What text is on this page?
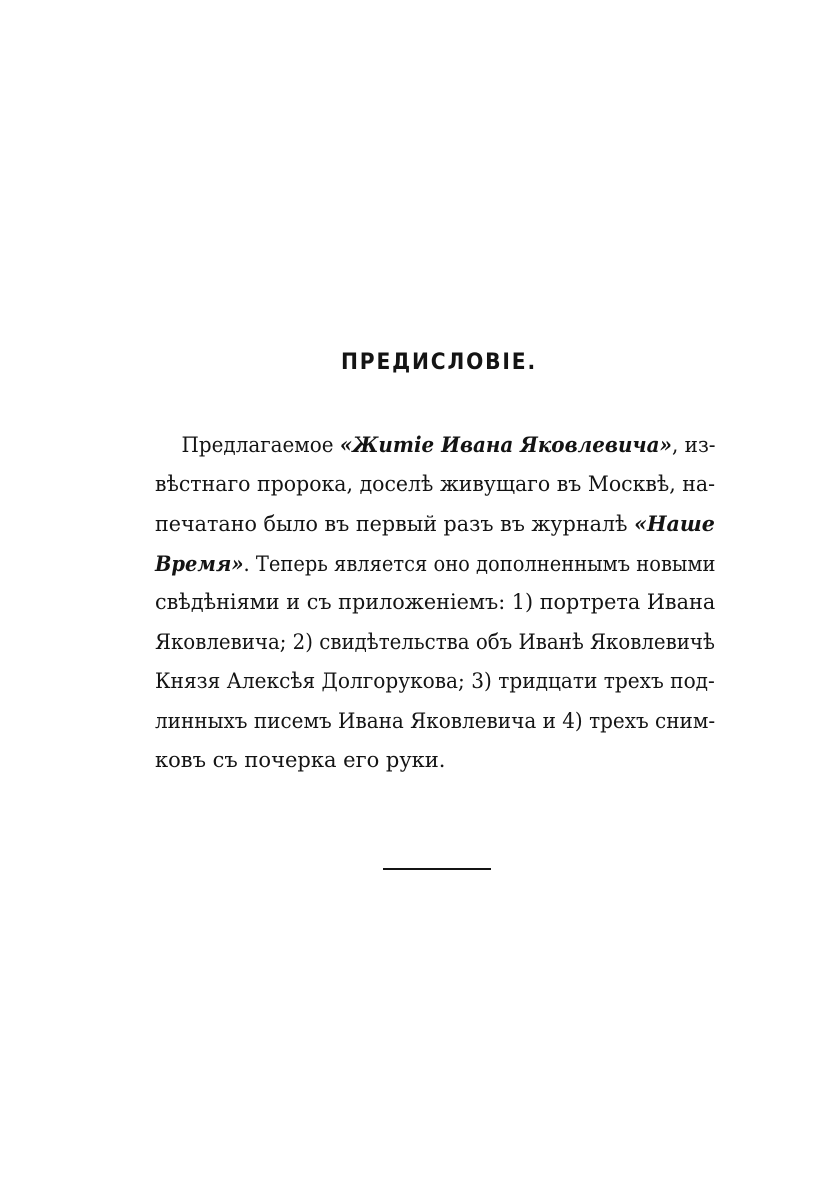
ПРЕДИСЛОВІЕ.
Предлагаемое «Житіе Ивана Яковлевича», из-
вѣстнаго пророка, доселѣ живущаго въ Москвѣ, на-
печатано было въ первый разъ въ журналѣ «Наше
Время». Теперь является оно дополненнымъ новыми
свѣдѣніями и съ приложеніемъ: 1) портрета Ивана
Яковлевича; 2) свидѣтельства объ Иванѣ Яковлевичѣ
Князя Алексѣя Долгорукова; 3) тридцати трехъ под-
линныхъ писемъ Ивана Яковлевича и 4) трехъ сним-
ковъ съ почерка его руки.
